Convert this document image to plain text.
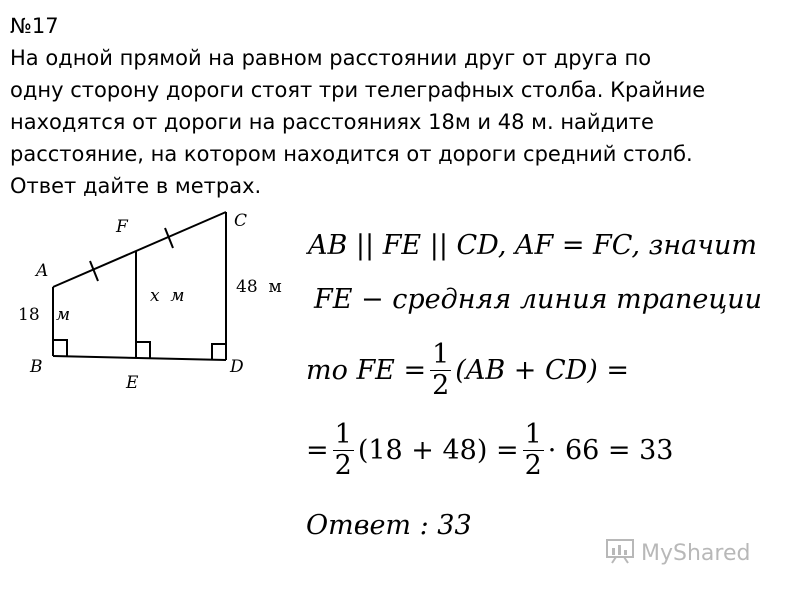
№17
На одной прямой на равном расстоянии друг от друга по
одну сторону дороги стоят три телеграфных столба. Крайние
находятся от дороги на расстояниях 18м и 48 м. найдите
расстояние, на котором находится от дороги средний столб.
Ответ дайте в метрах.
A
B
C
D
E
F
18 м
x  м	48  м
AB || FE || CD, AF = FC, значит
FE − средняя линия трапеции
то FE = $\frac{1}{2} (AB + CD)$ =
= $\frac{1}{2} (18 + 48) = \frac{1}{2} \cdot 66 = 33$
Ответ : 33
MyShared
